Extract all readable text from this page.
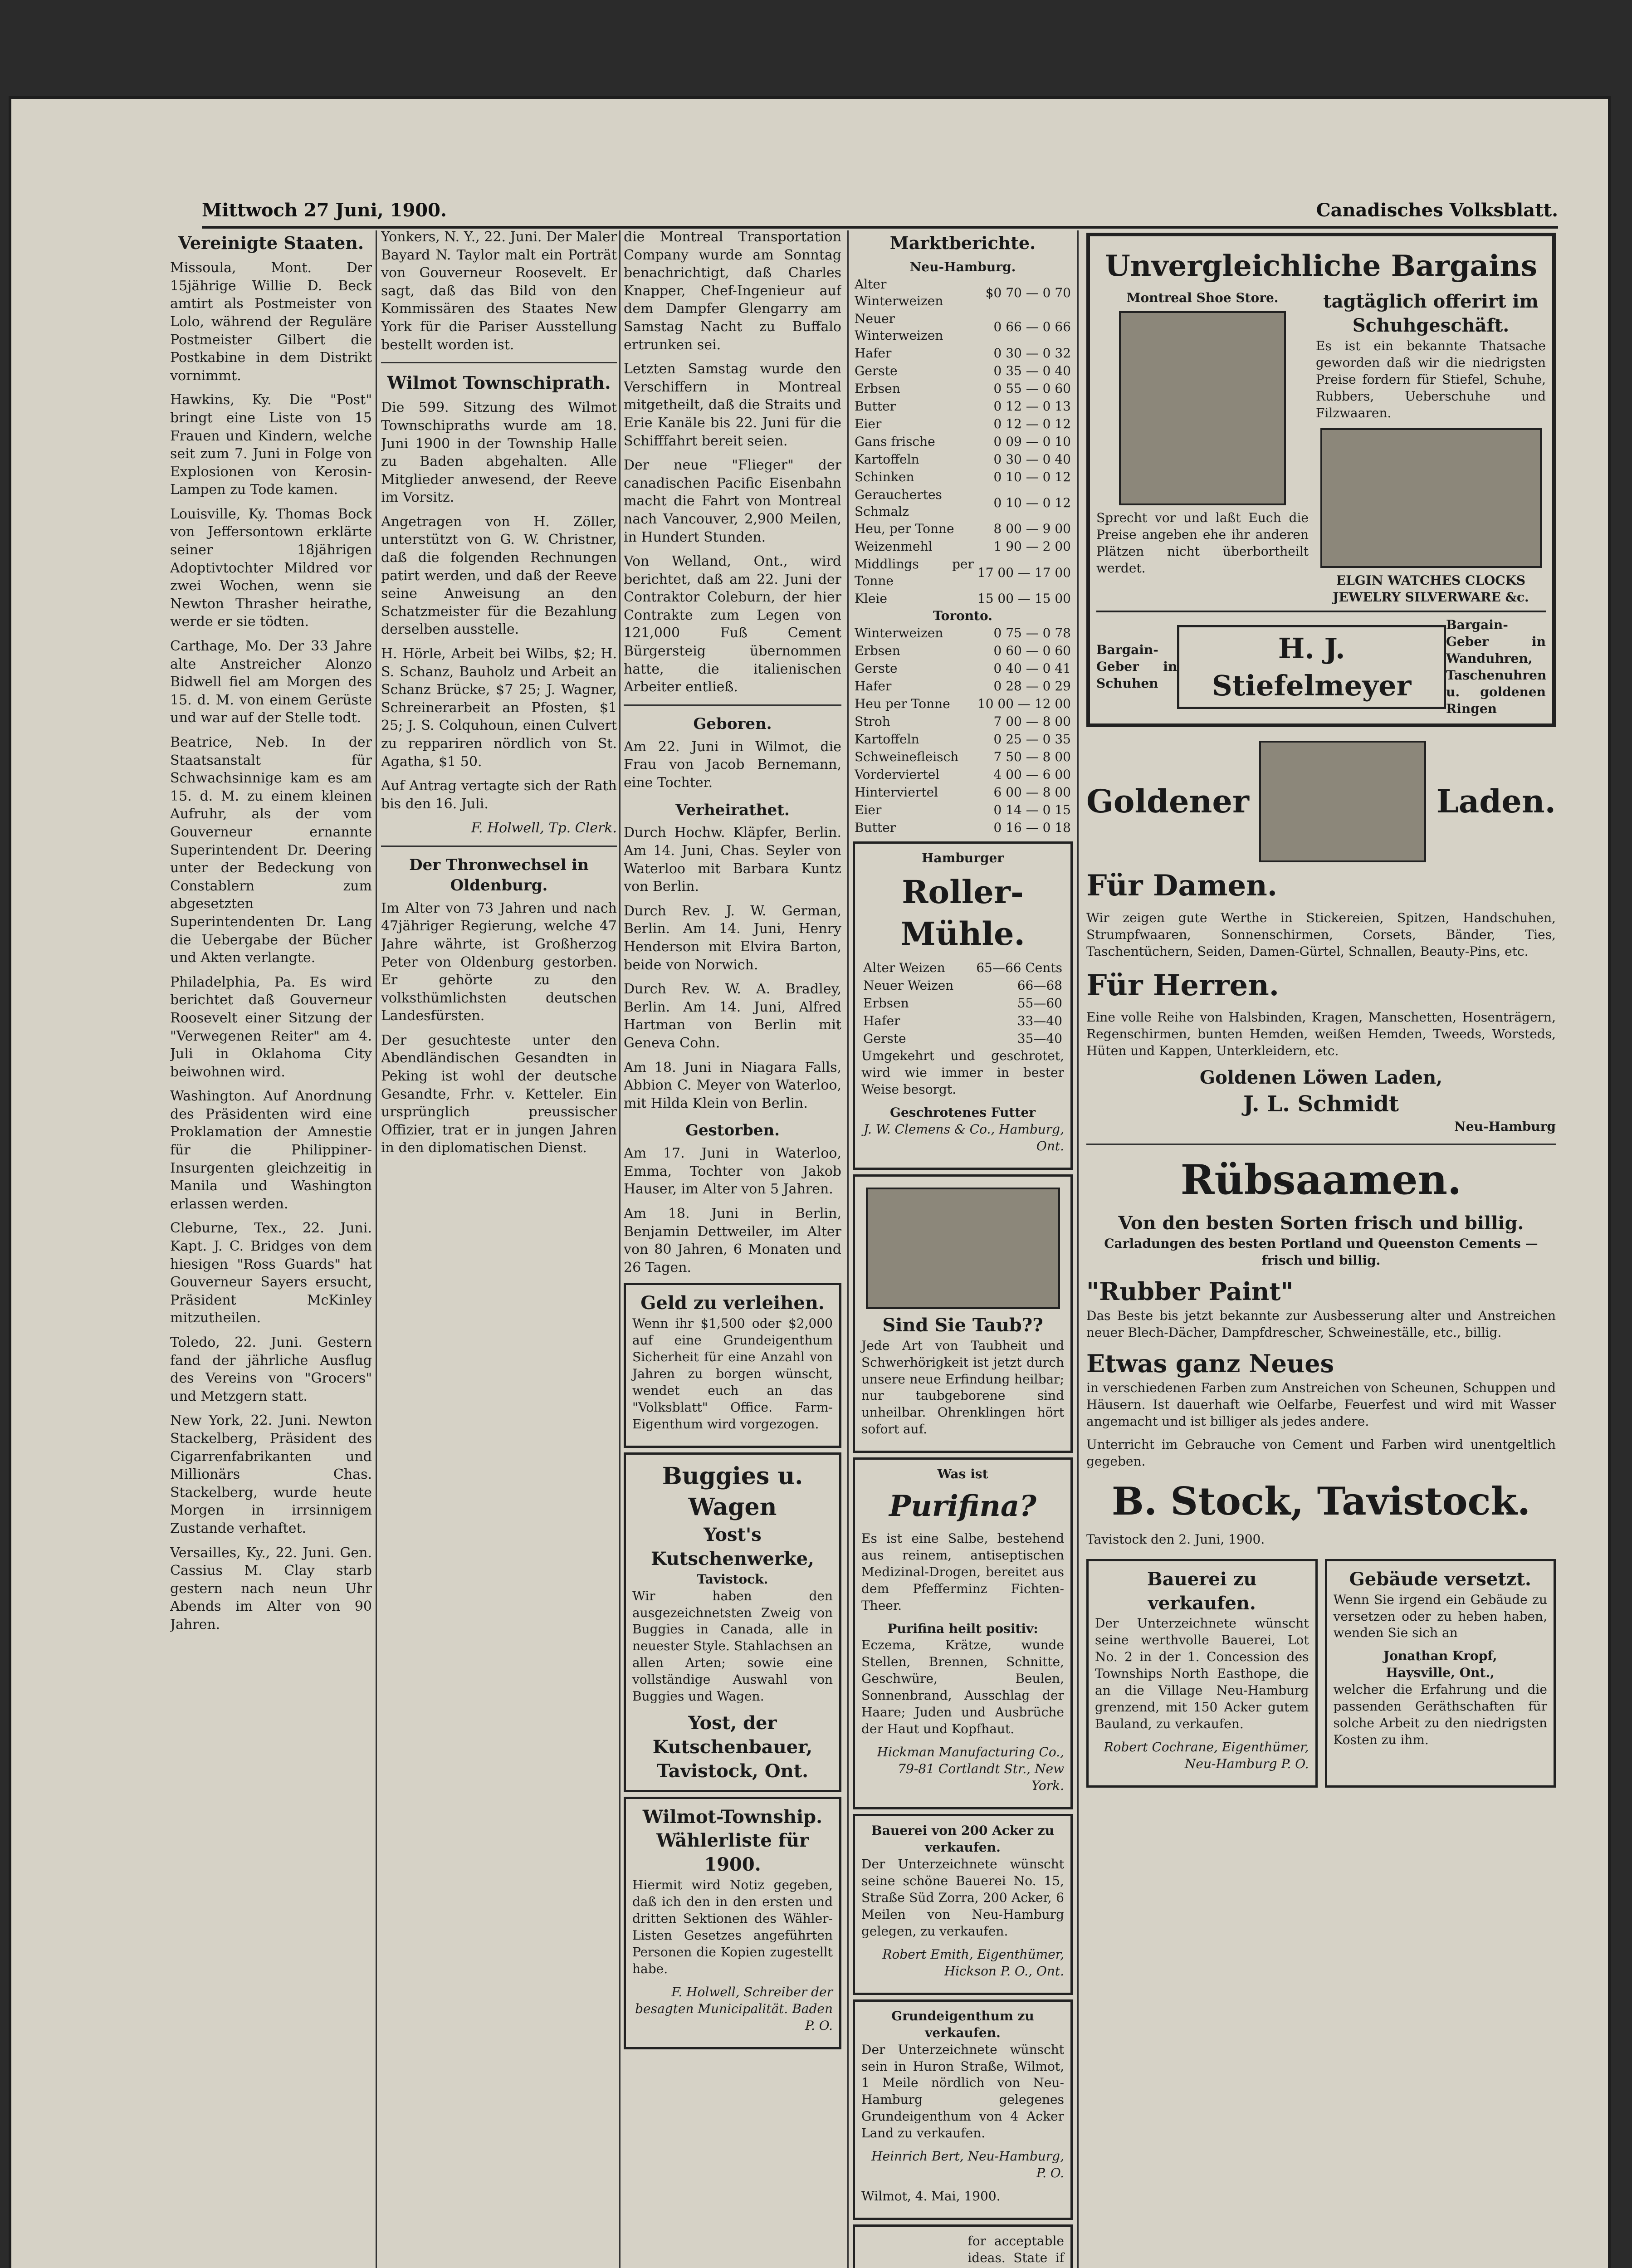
Mittwoch 27 Juni, 1900.	Canadisches Volksblatt.
Vereinigte Staaten.

Missoula, Mont. Der 15jährige Willie D. Beck amtirt als Postmeister von Lolo, während der Reguläre Postmeister Gilbert die Postkabine in dem Distrikt vornimmt.

Hawkins, Ky. Die "Post" bringt eine Liste von 15 Frauen und Kindern, welche seit zum 7. Juni in Folge von Explosionen von Kerosin-Lampen zu Tode kamen.

Louisville, Ky. Thomas Bock von Jeffersontown erklärte seiner 18jährigen Adoptivtochter Mildred vor zwei Wochen, wenn sie Newton Thrasher heirathe, werde er sie tödten.

Carthage, Mo. Der 33 Jahre alte Anstreicher Alonzo Bidwell fiel am Morgen des 15. d. M. von einem Gerüste und war auf der Stelle todt.

Beatrice, Neb. In der Staatsanstalt für Schwachsinnige kam es am 15. d. M. zu einem kleinen Aufruhr, als der vom Gouverneur ernannte Superintendent Dr. Deering unter der Bedeckung von Constablern zum abgesetzten Superintendenten Dr. Lang die Uebergabe der Bücher und Akten verlangte.

Philadelphia, Pa. Es wird berichtet daß Gouverneur Roosevelt einer Sitzung der "Verwegenen Reiter" am 4. Juli in Oklahoma City beiwohnen wird.

Washington. Auf Anordnung des Präsidenten wird eine Proklamation der Amnestie für die Philippiner-Insurgenten gleichzeitig in Manila und Washington erlassen werden.

Cleburne, Tex., 22. Juni. Kapt. J. C. Bridges von dem hiesigen "Ross Guards" hat Gouverneur Sayers ersucht, Präsident McKinley mitzutheilen.

Toledo, 22. Juni. Gestern fand der jährliche Ausflug des Vereins von "Grocers" und Metzgern statt.

New York, 22. Juni. Newton Stackelberg, Präsident des Cigarrenfabrikanten und Millionärs Chas. Stackelberg, wurde heute Morgen in irrsinnigem Zustande verhaftet.

Versailles, Ky., 22. Juni. Gen. Cassius M. Clay starb gestern nach neun Uhr Abends im Alter von 90 Jahren.

Yonkers, N. Y., 22. Juni. Der Maler Bayard N. Taylor malt ein Porträt von Gouverneur Roosevelt. Er sagt, daß das Bild von den Kommissären des Staates New York für die Pariser Ausstellung bestellt worden ist.

Wilmot Townschiprath.

Die 599. Sitzung des Wilmot Townschipraths wurde am 18. Juni 1900 in der Township Halle zu Baden abgehalten. Alle Mitglieder anwesend, der Reeve im Vorsitz.

Angetragen von H. Zöller, unterstützt von G. W. Christner, daß die folgenden Rechnungen patirt werden, und daß der Reeve seine Anweisung an den Schatzmeister für die Bezahlung derselben ausstelle.

H. Hörle, Arbeit bei Wilbs, $2; H. S. Schanz, Bauholz und Arbeit an Schanz Brücke, $7 25; J. Wagner, Schreinerarbeit an Pfosten, $1 25; J. S. Colquhoun, einen Culvert zu reppariren nördlich von St. Agatha, $1 50.

Auf Antrag vertagte sich der Rath bis den 16. Juli.

F. Holwell, Tp. Clerk.

Der Thronwechsel in Oldenburg.

Im Alter von 73 Jahren und nach 47jähriger Regierung, welche 47 Jahre währte, ist Großherzog Peter von Oldenburg gestorben. Er gehörte zu den volksthümlichsten deutschen Landesfürsten.

Der gesuchteste unter den Abendländischen Gesandten in Peking ist wohl der deutsche Gesandte, Frhr. v. Ketteler. Ein ursprünglich preussischer Offizier, trat er in jungen Jahren in den diplomatischen Dienst.

die Montreal Transportation Company wurde am Sonntag benachrichtigt, daß Charles Knapper, Chef-Ingenieur auf dem Dampfer Glengarry am Samstag Nacht zu Buffalo ertrunken sei.

Letzten Samstag wurde den Verschiffern in Montreal mitgetheilt, daß die Straits und Erie Kanäle bis 22. Juni für die Schifffahrt bereit seien.

Der neue "Flieger" der canadischen Pacific Eisenbahn macht die Fahrt von Montreal nach Vancouver, 2,900 Meilen, in Hundert Stunden.

Von Welland, Ont., wird berichtet, daß am 22. Juni der Contraktor Coleburn, der hier Contrakte zum Legen von 121,000 Fuß Cement Bürgersteig übernommen hatte, die italienischen Arbeiter entließ.

Geboren.

Am 22. Juni in Wilmot, die Frau von Jacob Bernemann, eine Tochter.

Verheirathet.

Durch Hochw. Kläpfer, Berlin. Am 14. Juni, Chas. Seyler von Waterloo mit Barbara Kuntz von Berlin.

Durch Rev. J. W. German, Berlin. Am 14. Juni, Henry Henderson mit Elvira Barton, beide von Norwich.

Durch Rev. W. A. Bradley, Berlin. Am 14. Juni, Alfred Hartman von Berlin mit Geneva Cohn.

Am 18. Juni in Niagara Falls, Abbion C. Meyer von Waterloo, mit Hilda Klein von Berlin.

Gestorben.

Am 17. Juni in Waterloo, Emma, Tochter von Jakob Hauser, im Alter von 5 Jahren.

Am 18. Juni in Berlin, Benjamin Dettweiler, im Alter von 80 Jahren, 6 Monaten und 26 Tagen.

Geld zu verleihen.

Wenn ihr $1,500 oder $2,000 auf eine Grundeigenthum Sicherheit für eine Anzahl von Jahren zu borgen wünscht, wendet euch an das "Volksblatt" Office. Farm-Eigenthum wird vorgezogen.

Buggies u. Wagen
Yost's Kutschenwerke,
Tavistock.

Wir haben den ausgezeichnetsten Zweig von Buggies in Canada, alle in neuester Style. Stahlachsen an allen Arten; sowie eine vollständige Auswahl von Buggies und Wagen.

Yost, der Kutschenbauer, Tavistock, Ont.
Wilmot-Township.
Wählerliste für 1900.

Hiermit wird Notiz gegeben, daß ich den in den ersten und dritten Sektionen des Wähler-Listen Gesetzes angeführten Personen die Kopien zugestellt habe.

F. Holwell, Schreiber der besagten Municipalität. Baden P. O.

Marktberichte.
Neu-Hamburg.
Alter Winterweizen	$0 70 — 0 70
Neuer Winterweizen	0 66 — 0 66
Hafer	0 30 — 0 32
Gerste	0 35 — 0 40
Erbsen	0 55 — 0 60
Butter	0 12 — 0 13
Eier	0 12 — 0 12
Gans frische	0 09 — 0 10
Kartoffeln	0 30 — 0 40
Schinken	0 10 — 0 12
Gerauchertes Schmalz	0 10 — 0 12
Heu, per Tonne	8 00 — 9 00
Weizenmehl	1 90 — 2 00
Middlings per Tonne	17 00 — 17 00
Kleie	15 00 — 15 00
Toronto.
Winterweizen	0 75 — 0 78
Erbsen	0 60 — 0 60
Gerste	0 40 — 0 41
Hafer	0 28 — 0 29
Heu per Tonne	10 00 — 12 00
Stroh	7 00 — 8 00
Kartoffeln	0 25 — 0 35
Schweinefleisch	7 50 — 8 00
Vorderviertel	4 00 — 6 00
Hinterviertel	6 00 — 8 00
Eier	0 14 — 0 15
Butter	0 16 — 0 18
Hamburger
Roller-Mühle.
Alter Weizen	65—66 Cents
Neuer Weizen	66—68
Erbsen	55—60
Hafer	33—40
Gerste	35—40

Umgekehrt und geschrotet, wird wie immer in bester Weise besorgt.

Geschrotenes Futter

J. W. Clemens & Co., Hamburg, Ont.

Sind Sie Taub??

Jede Art von Taubheit und Schwerhörigkeit ist jetzt durch unsere neue Erfindung heilbar; nur taubgeborene sind unheilbar. Ohrenklingen hört sofort auf.

Was ist
Purifina?

Es ist eine Salbe, bestehend aus reinem, antiseptischen Medizinal-Drogen, bereitet aus dem Pfefferminz Fichten-Theer.

Purifina heilt positiv:

Eczema, Krätze, wunde Stellen, Brennen, Schnitte, Geschwüre, Beulen, Sonnenbrand, Ausschlag der Haare; Juden und Ausbrüche der Haut und Kopfhaut.

Hickman Manufacturing Co., 79-81 Cortlandt Str., New York.

Bauerei von 200 Acker zu verkaufen.

Der Unterzeichnete wünscht seine schöne Bauerei No. 15, Straße Süd Zorra, 200 Acker, 6 Meilen von Neu-Hamburg gelegen, zu verkaufen.

Robert Emith, Eigenthümer, Hickson P. O., Ont.

Grundeigenthum zu verkaufen.

Der Unterzeichnete wünscht sein in Huron Straße, Wilmot, 1 Meile nördlich von Neu-Hamburg gelegenes Grundeigenthum von 4 Acker Land zu verkaufen.

Heinrich Bert, Neu-Hamburg, P. O.

Wilmot, 4. Mai, 1900.

for acceptable ideas. State if
Unvergleichliche Bargains
Montreal Shoe Store.

Sprecht vor und laßt Euch die Preise angeben ehe ihr anderen Plätzen nicht überbortheilt werdet.

tagtäglich offerirt im Schuhgeschäft.

Es ist ein bekannte Thatsache geworden daß wir die niedrigsten Preise fordern für Stiefel, Schuhe, Rubbers, Ueberschuhe und Filzwaaren.

ELGIN WATCHES CLOCKS JEWELRY SILVERWARE &c.
Bargain-Geber in Schuhen
H. J. Stiefelmeyer
Bargain-Geber in Wanduhren, Taschenuhren u. goldenen Ringen
Goldener	Laden.
Für Damen.

Wir zeigen gute Werthe in Stickereien, Spitzen, Handschuhen, Strumpfwaaren, Sonnenschirmen, Corsets, Bänder, Ties, Taschentüchern, Seiden, Damen-Gürtel, Schnallen, Beauty-Pins, etc.

Für Herren.

Eine volle Reihe von Halsbinden, Kragen, Manschetten, Hosenträgern, Regenschirmen, bunten Hemden, weißen Hemden, Tweeds, Worsteds, Hüten und Kappen, Unterkleidern, etc.

Goldenen Löwen Laden,
J. L. Schmidt
Neu-Hamburg
Rübsaamen.
Von den besten Sorten frisch und billig.

Carladungen des besten Portland und Queenston Cements — frisch und billig.

"Rubber Paint"

Das Beste bis jetzt bekannte zur Ausbesserung alter und Anstreichen neuer Blech-Dächer, Dampfdrescher, Schweineställe, etc., billig.

Etwas ganz Neues

in verschiedenen Farben zum Anstreichen von Scheunen, Schuppen und Häusern. Ist dauerhaft wie Oelfarbe, Feuerfest und wird mit Wasser angemacht und ist billiger als jedes andere.

Unterricht im Gebrauche von Cement und Farben wird unentgeltlich gegeben.

B. Stock, Tavistock.

Tavistock den 2. Juni, 1900.

Bauerei zu verkaufen.

Der Unterzeichnete wünscht seine werthvolle Bauerei, Lot No. 2 in der 1. Concession des Townships North Easthope, die an die Village Neu-Hamburg grenzend, mit 150 Acker gutem Bauland, zu verkaufen.

Robert Cochrane, Eigenthümer, Neu-Hamburg P. O.

Gebäude versetzt.

Wenn Sie irgend ein Gebäude zu versetzen oder zu heben haben, wenden Sie sich an

Jonathan Kropf,
Haysville, Ont.,

welcher die Erfahrung und die passenden Geräthschaften für solche Arbeit zu den niedrigsten Kosten zu ihm.
